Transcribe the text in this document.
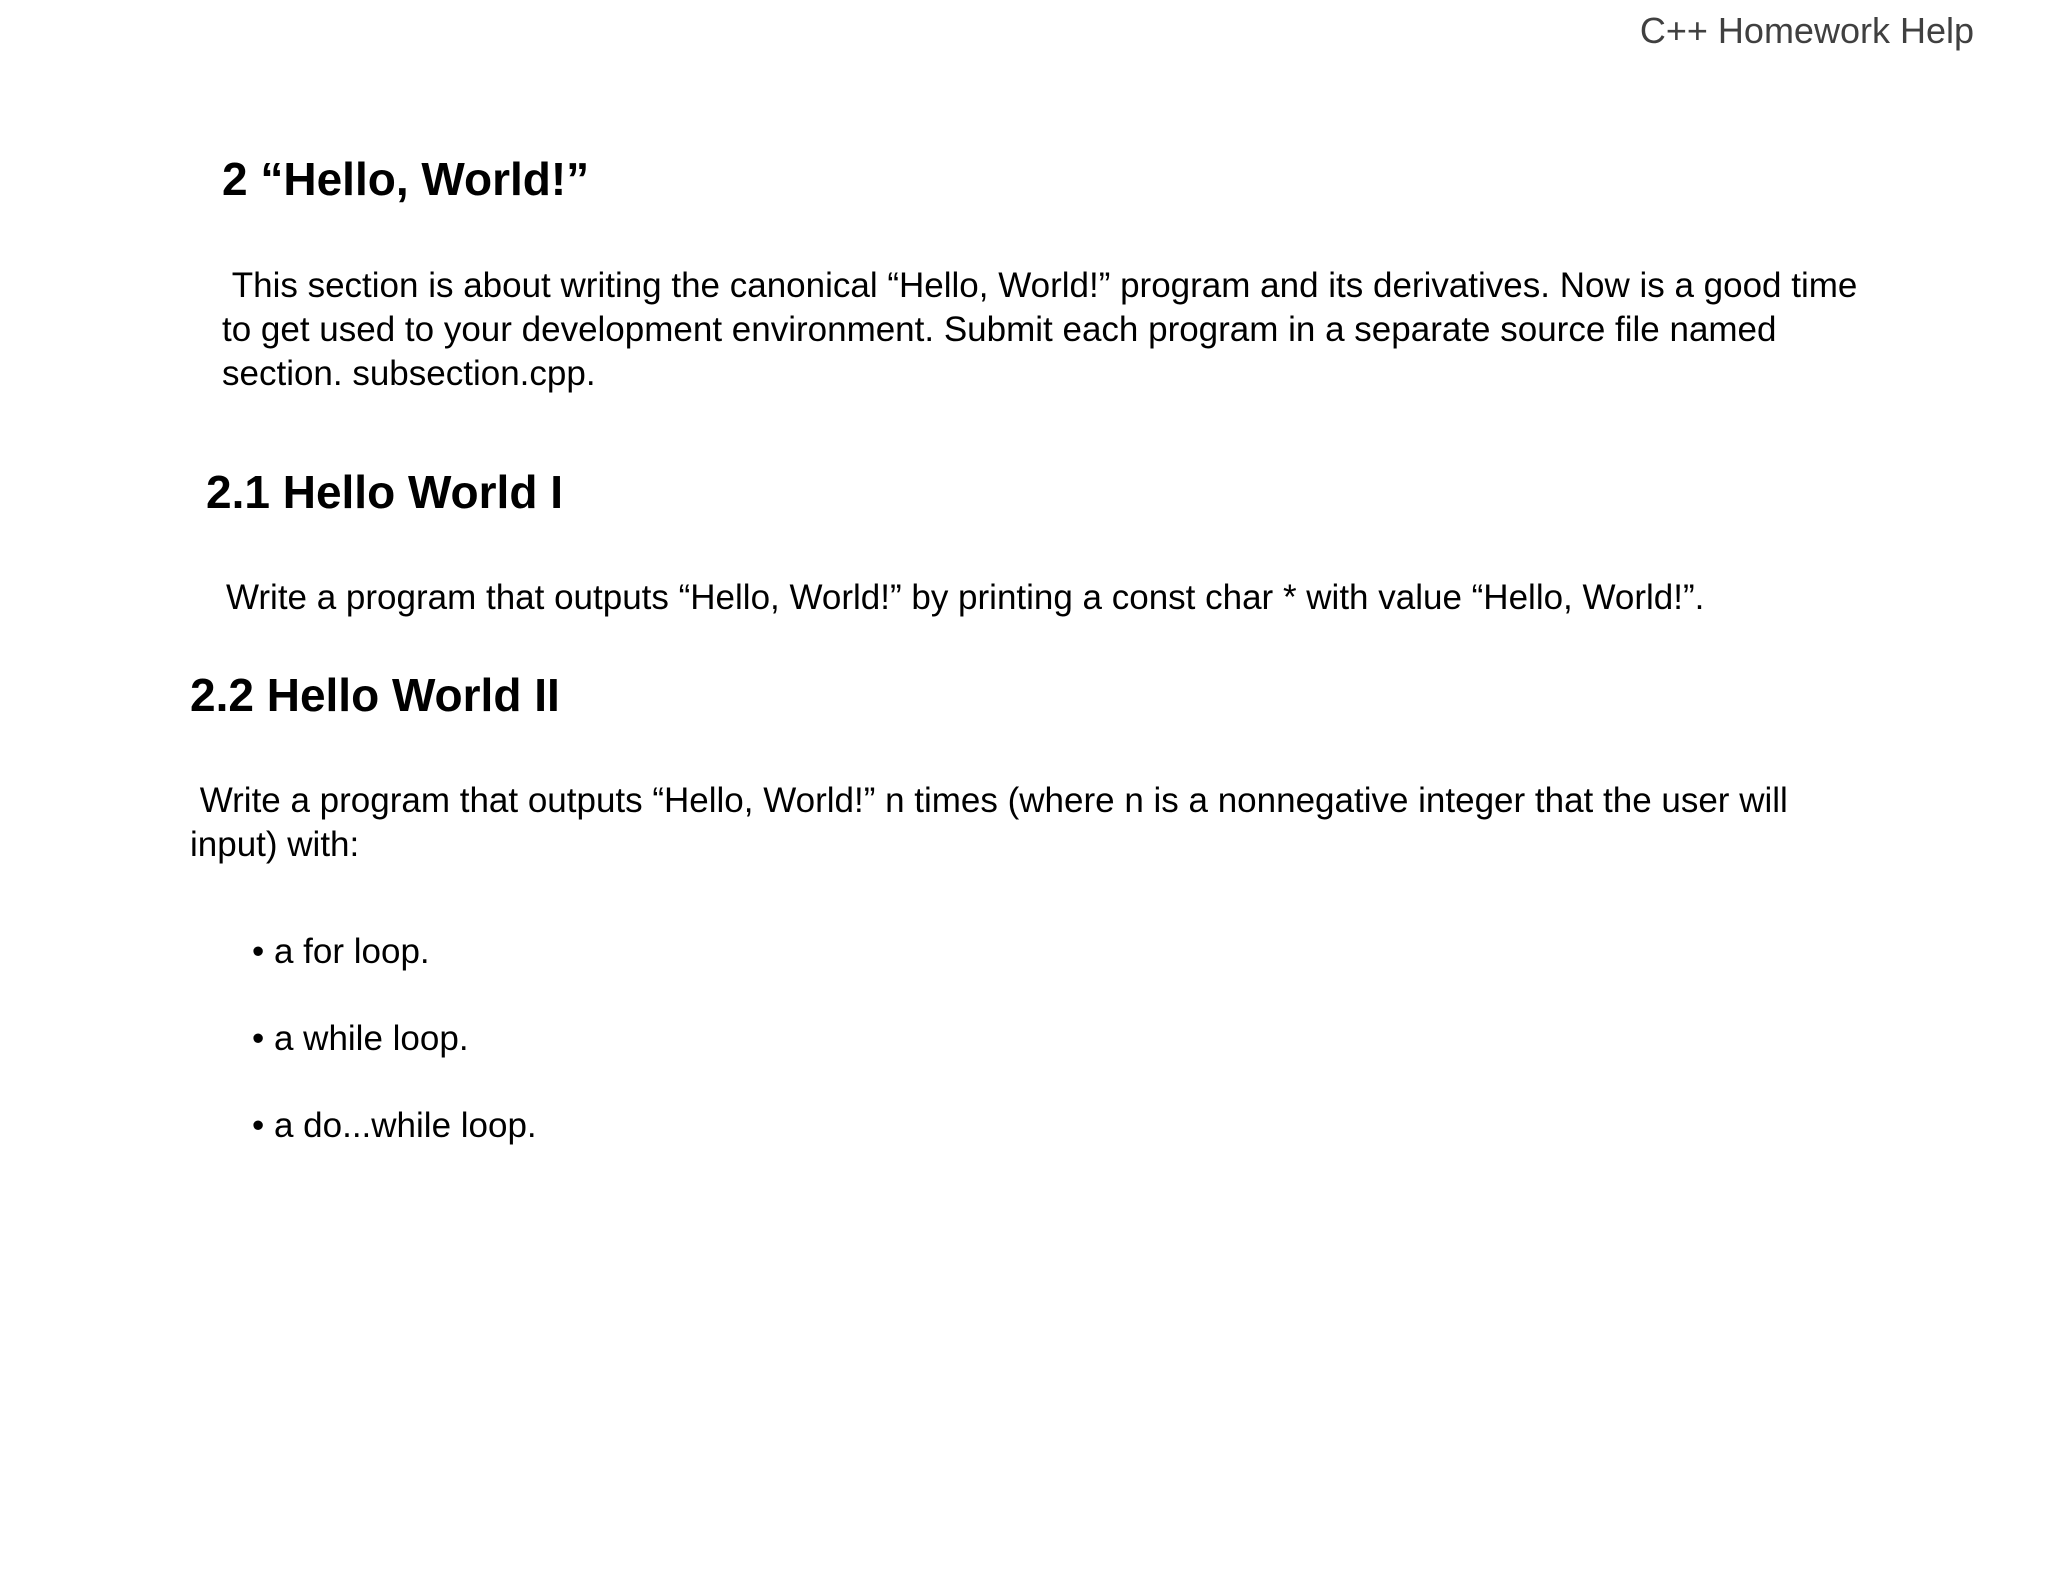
C++ Homework Help
2 “Hello, World!”

This section is about writing the canonical “Hello, World!” program and its derivatives. Now is a good time to get used to your development environment. Submit each program in a separate source file named  section. subsection.cpp.

2.1 Hello World I

Write a program that outputs “Hello, World!” by printing a const char * with value “Hello, World!”.

2.2 Hello World II

Write a program that outputs “Hello, World!” n times (where n is a nonnegative integer that the user will input) with:

• a for loop.
• a while loop.
• a do...while loop.
